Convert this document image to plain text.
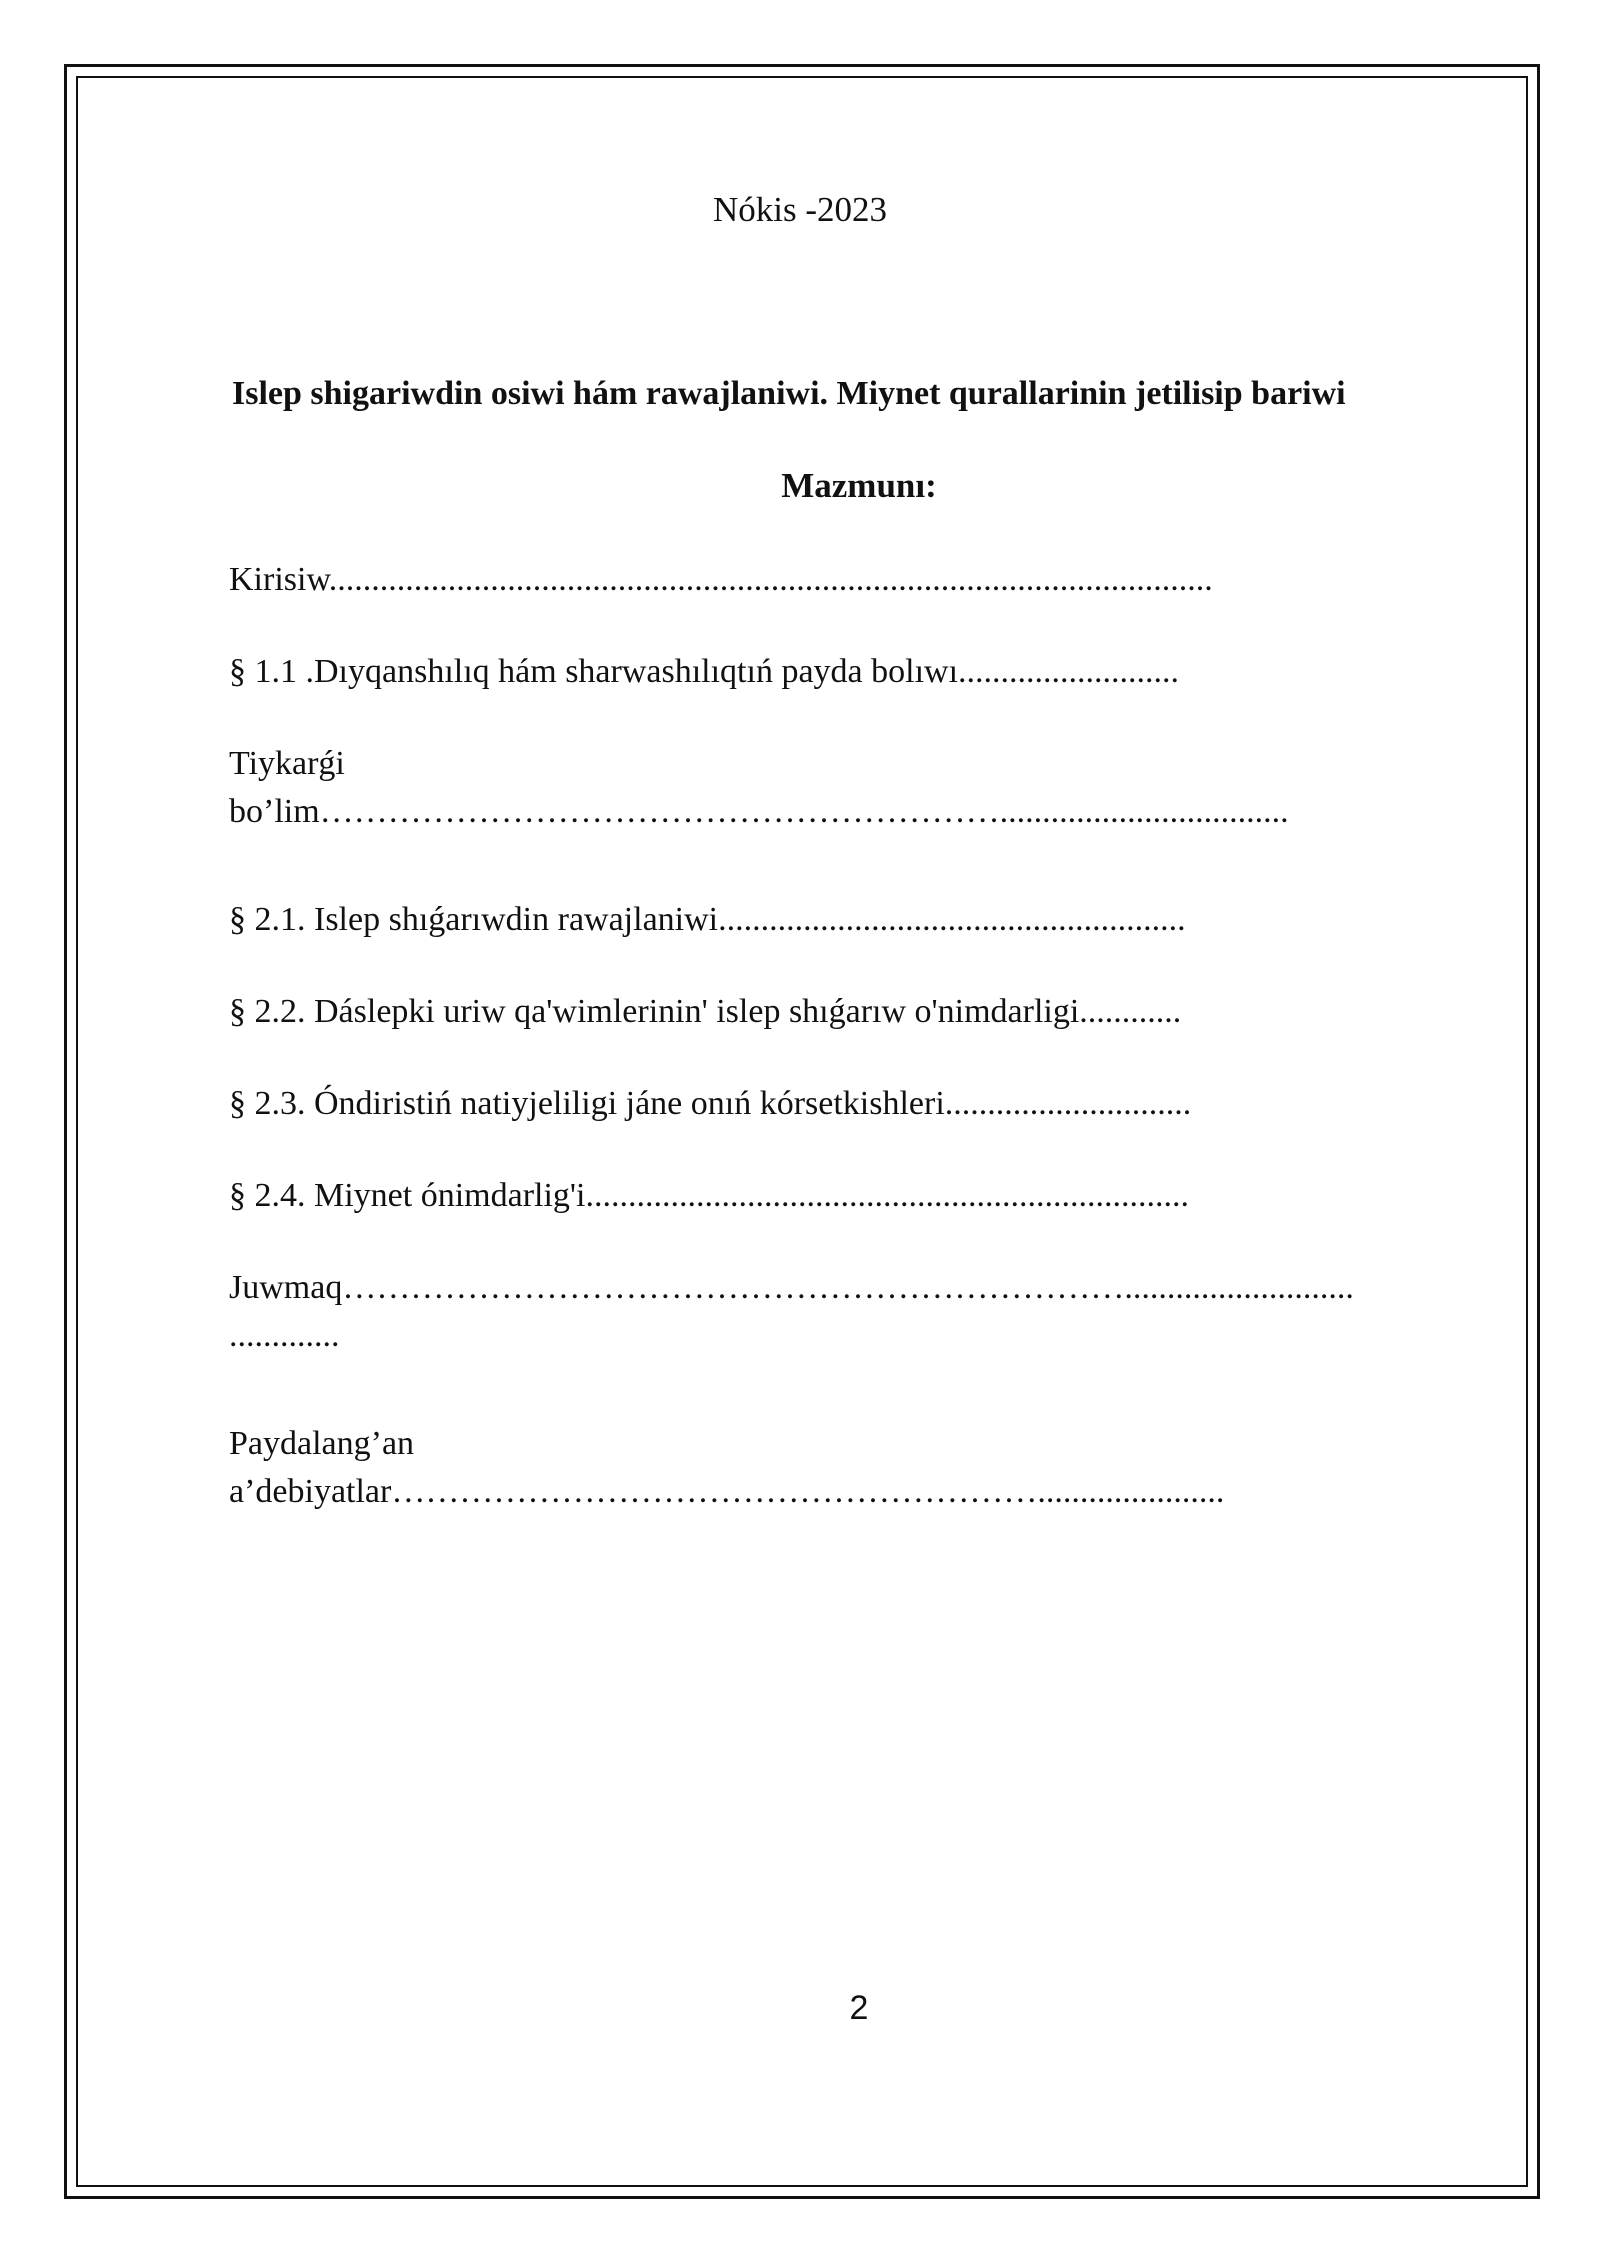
Nókis -2023
Islep shigariwdin osiwi hám rawajlaniwi. Miynet qurallarinin jetilisip bariwi
Mazmunı:
Kirisiw........................................................................................................
§ 1.1 .Dıyqanshılıq hám sharwashılıqtıń payda bolıwı..........................
Tiykarǵi
bo’lim……………………………………………………..................................
§ 2.1. Islep shıǵarıwdin rawajlaniwi.......................................................
§ 2.2. Dáslepki uriw qa'wimlerinin' islep shıǵarıw o'nimdarligi............
§ 2.3. Óndiristiń natiyjeliligi jáne onıń kórsetkishleri.............................
§ 2.4. Miynet ónimdarlig'i.......................................................................
Juwmaq……………………………………………………………...........................
.............
Paydalang’an
a’debiyatlar…………………………………………………......................
2
